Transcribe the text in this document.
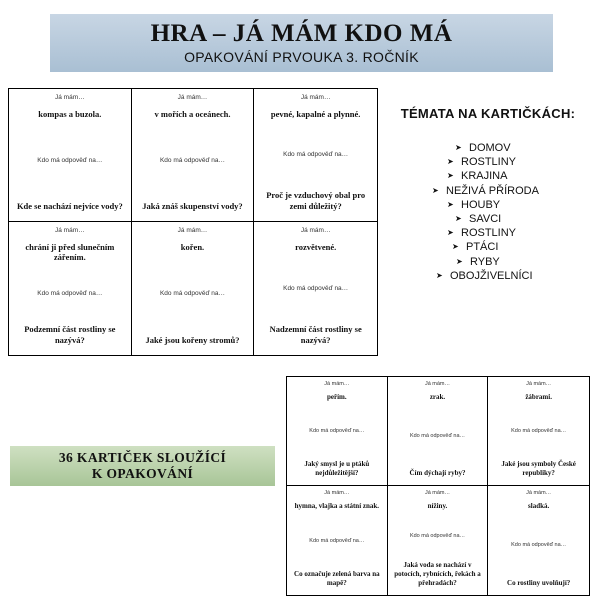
HRA – JÁ MÁM KDO MÁ
OPAKOVÁNÍ PRVOUKA 3. ROČNÍK
Já mám…
kompas a buzola.
Kdo má odpověď na…
Kde se nachází nejvíce vody?
Já mám…
v mořích a oceánech.
Kdo má odpověď na…
Jaká znáš skupenství vody?
Já mám…
pevné, kapalné a plynné.
Kdo má odpověď na…
Proč je vzduchový obal pro zemi důležitý?
Já mám…
chrání ji před slunečním zářením.
Kdo má odpověď na…
Podzemní část rostliny se nazývá?
Já mám…
kořen.
Kdo má odpověď na…
Jaké jsou kořeny stromů?
Já mám…
rozvětvené.
Kdo má odpověď na…
Nadzemní část rostliny se nazývá?
Já mám…
peřím.
Kdo má odpověď na…
Jaký smysl je u ptáků nejdůležitější?
Já mám…
zrak.
Kdo má odpověď na…
Čím dýchají ryby?
Já mám…
žábrami.
Kdo má odpověď na…
Jaké jsou symboly České republiky?
Já mám…
hymna, vlajka a státní znak.
Kdo má odpověď na…
Co označuje zelená barva na mapě?
Já mám…
nížiny.
Kdo má odpověď na…
Jaká voda se nachází v potocích, rybnících, řekách a přehradách?
Já mám…
sladká.
Kdo má odpověď na…
Co rostliny uvolňují?
TÉMATA NA KARTIČKÁCH:
➤ DOMOV
➤ ROSTLINY
➤ KRAJINA
➤ NEŽIVÁ PŘÍRODA
➤ HOUBY
➤ SAVCI
➤ ROSTLINY
➤ PTÁCI
➤ RYBY
➤ OBOJŽIVELNÍCI
36 KARTIČEK SLOUŽÍCÍ
K OPAKOVÁNÍ
